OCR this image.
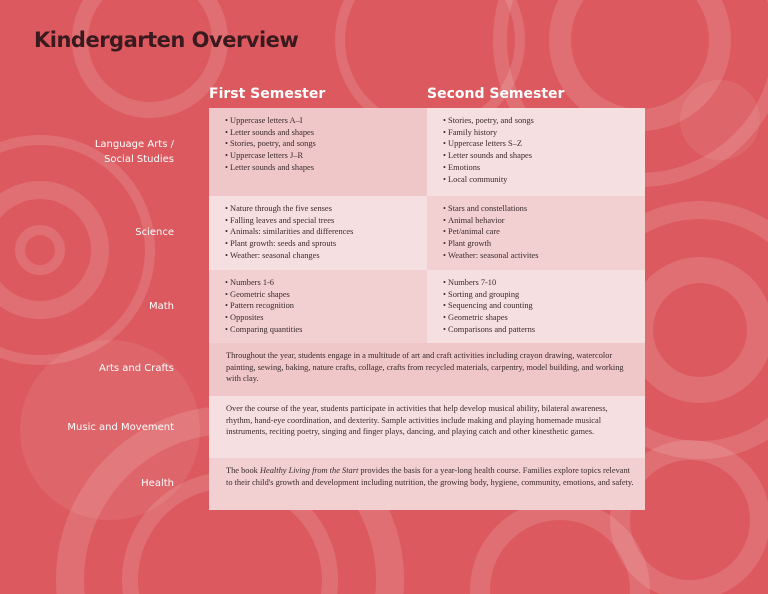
Kindergarten Overview
First Semester	Second Semester
Language Arts /
Social Studies
• Uppercase letters A–I
• Letter sounds and shapes
• Stories, poetry, and songs
• Uppercase letters J–R
• Letter sounds and shapes
• Stories, poetry, and songs
• Family history
• Uppercase letters S–Z
• Letter sounds and shapes
• Emotions
• Local community
Science
• Nature through the five senses
• Falling leaves and special trees
• Animals: similarities and differences
• Plant growth: seeds and sprouts
• Weather: seasonal changes
• Stars and constellations
• Animal behavior
• Pet/animal care
• Plant growth
• Weather: seasonal activites
Math
• Numbers 1-6
• Geometric shapes
• Pattern recognition
• Opposites
• Comparing quantities
• Numbers 7-10
• Sorting and grouping
• Sequencing and counting
• Geometric shapes
• Comparisons and patterns
Arts and Crafts
Throughout the year, students engage in a multitude of art and craft activities including crayon drawing, watercolor painting, sewing, baking, nature crafts, collage, crafts from recycled materials, carpentry, model building, and working with clay.
Music and Movement
Over the course of the year, students participate in activities that help develop musical ability, bilateral awareness, rhythm, hand-eye coordination, and dexterity. Sample activities include making and playing homemade musical instruments, reciting poetry, singing and finger plays, dancing, and playing catch and other kinesthetic games.
Health
The book Healthy Living from the Start provides the basis for a year-long health course. Families explore topics relevant to their child's growth and development including nutrition, the growing body, hygiene, community, emotions, and safety.
